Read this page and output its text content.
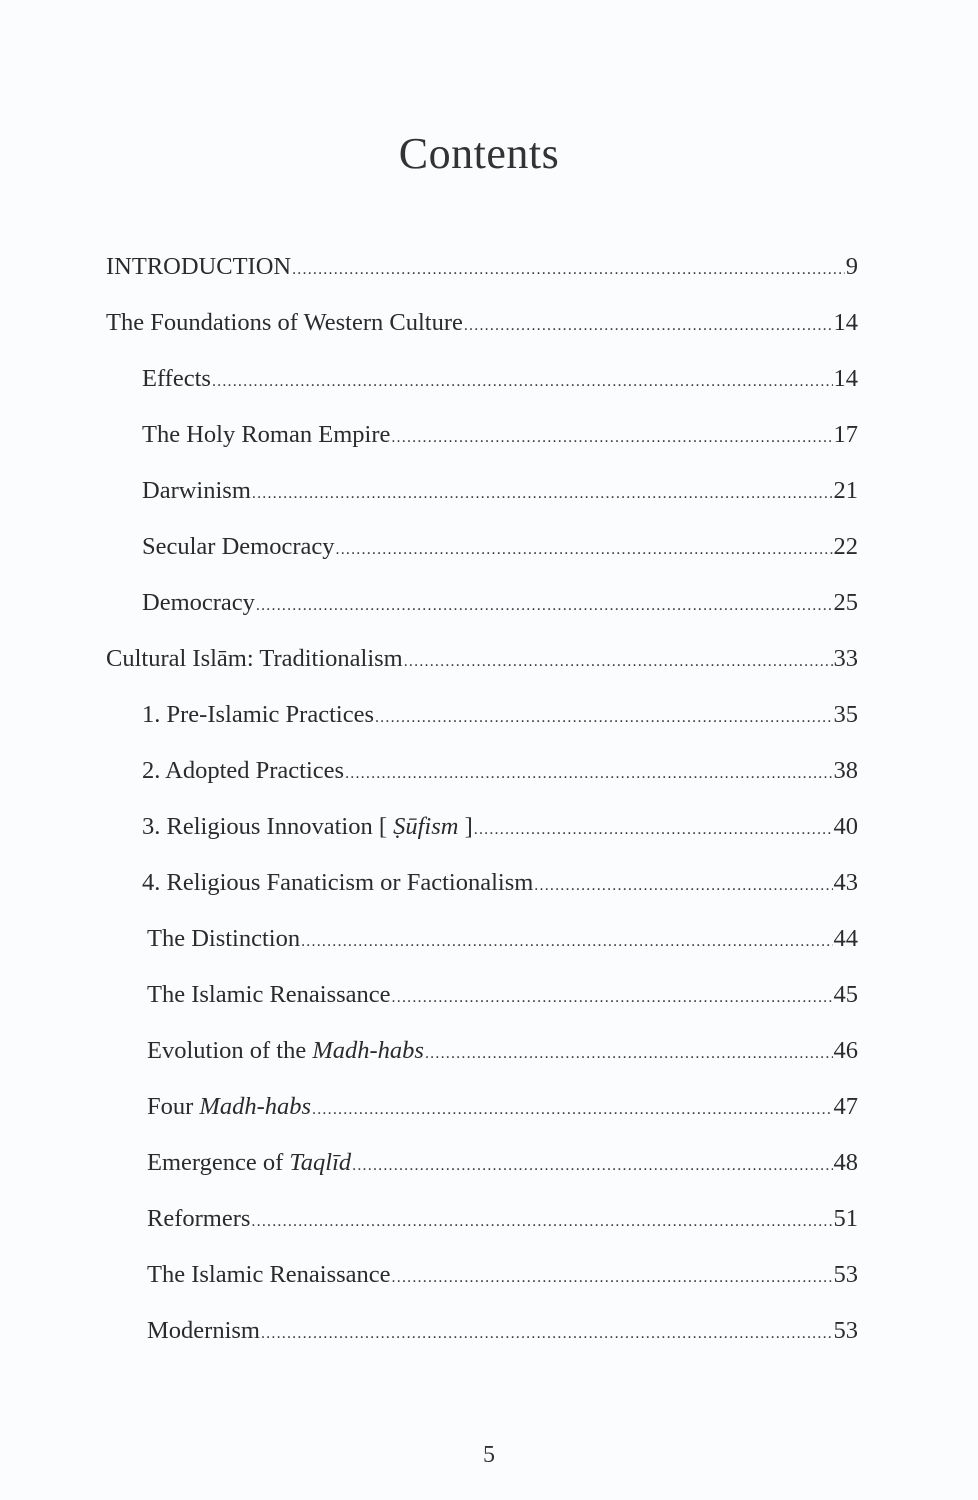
Contents
INTRODUCTION .....	9
The Foundations of Western Culture .....	14
Effects .....	14
The Holy Roman Empire .....	17
Darwinism .....	21
Secular Democracy .....	22
Democracy .....	25
Cultural Islām: Traditionalism .....	33
1. Pre-Islamic Practices .....	35
2. Adopted Practices .....	38
3. Religious Innovation [ Ṣūfism ] .....	40
4. Religious Fanaticism or Factionalism .....	43
The Distinction .....	44
The Islamic Renaissance .....	45
Evolution of the Madh-habs .....	46
Four Madh-habs .....	47
Emergence of Taqlīd .....	48
Reformers .....	51
The Islamic Renaissance .....	53
Modernism .....	53
5
